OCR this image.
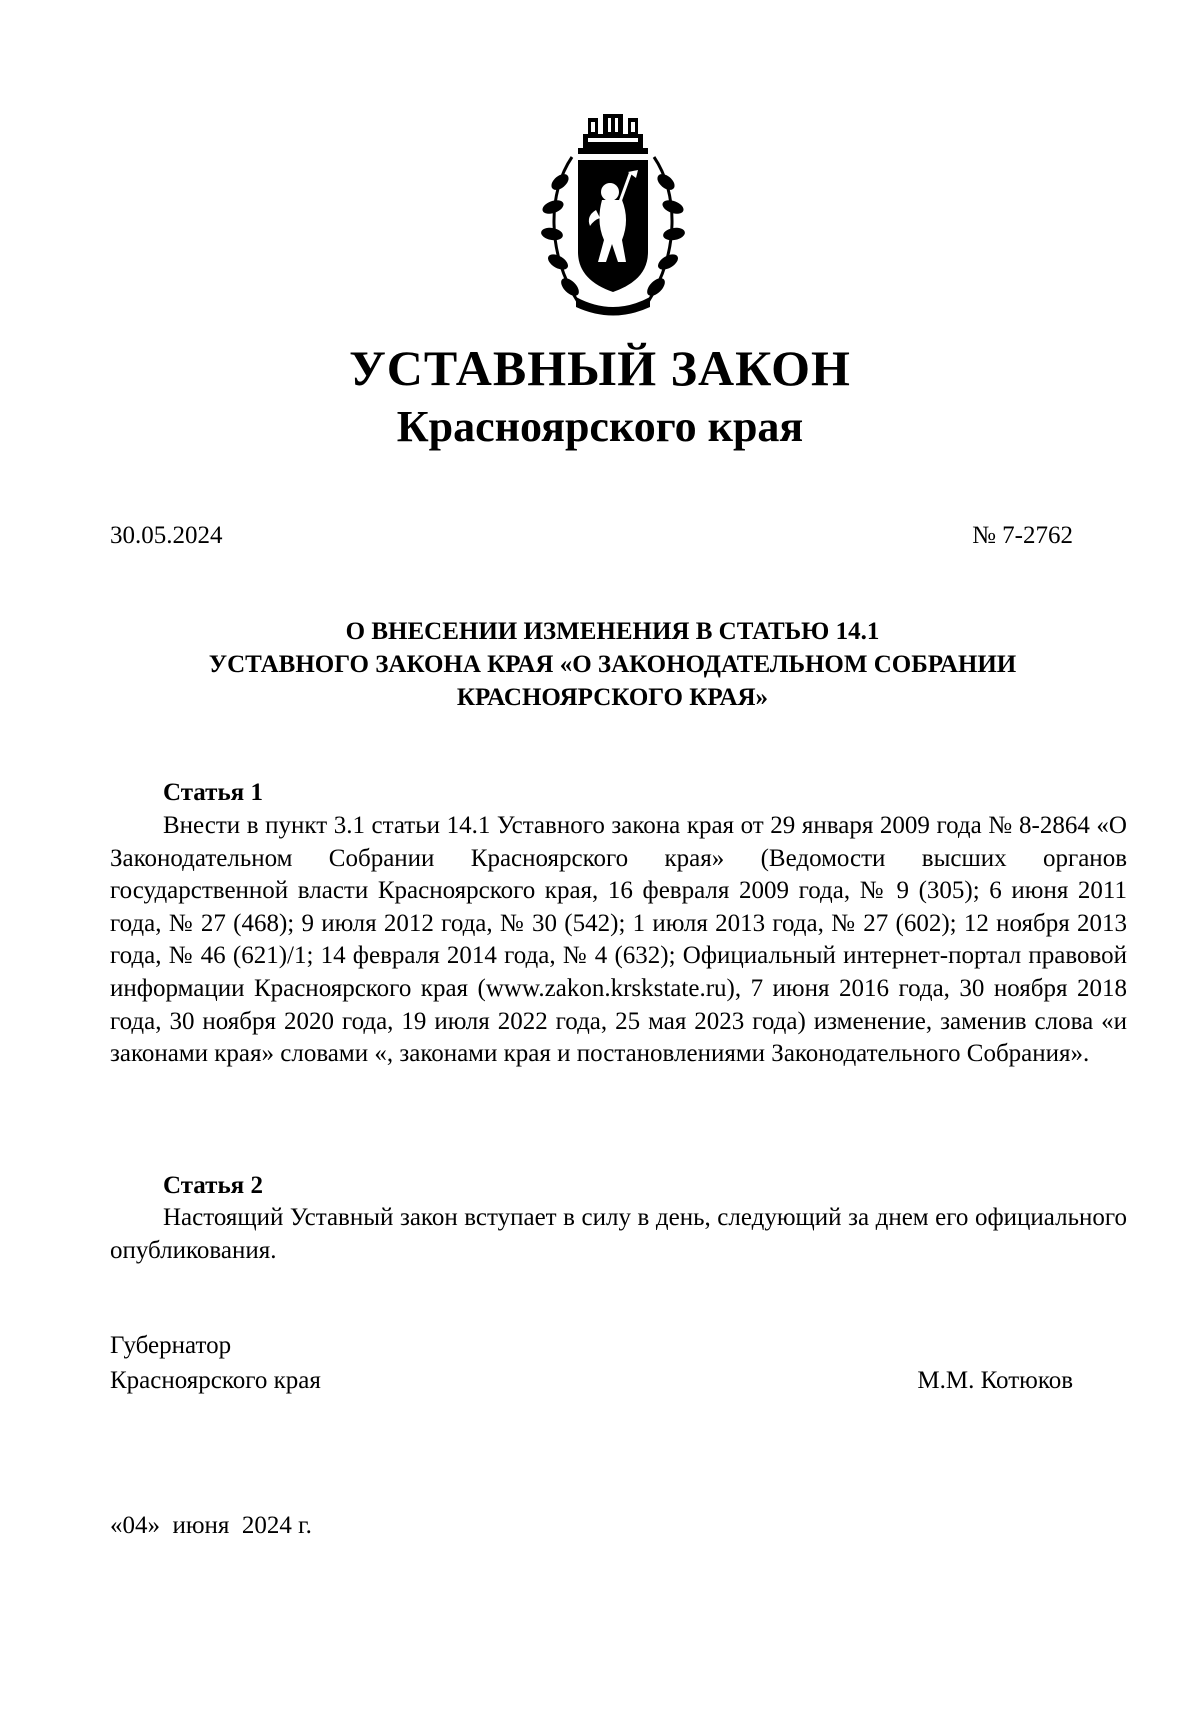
УСТАВНЫЙ ЗАКОН
Красноярского края
30.05.2024	№ 7-2762
О ВНЕСЕНИИ ИЗМЕНЕНИЯ В СТАТЬЮ 14.1
УСТАВНОГО ЗАКОНА КРАЯ «О ЗАКОНОДАТЕЛЬНОМ СОБРАНИИ
КРАСНОЯРСКОГО КРАЯ»
Статья 1

Внести в пункт 3.1 статьи 14.1 Уставного закона края от 29 января 2009 года № 8-2864 «О Законодательном Собрании Красноярского края» (Ведомости высших органов государственной власти Красноярского края, 16 февраля 2009 года, № 9 (305); 6 июня 2011 года, № 27 (468); 9 июля 2012 года, № 30 (542); 1 июля 2013 года, № 27 (602); 12 ноября 2013 года, № 46 (621)/1; 14 февраля 2014 года, № 4 (632); Официальный интернет-портал правовой информации Красноярского края (www.zakon.krskstate.ru), 7 июня 2016 года, 30 ноября 2018 года, 30 ноября 2020 года, 19 июля 2022 года, 25 мая 2023 года) изменение, заменив слова «и законами края» словами «, законами края и постановлениями Законодательного Собрания».

Статья 2

Настоящий Уставный закон вступает в силу в день, следующий за днем его официального опубликования.

Губернатор
Красноярского края	М.М. Котюков
«04»  июня  2024 г.
